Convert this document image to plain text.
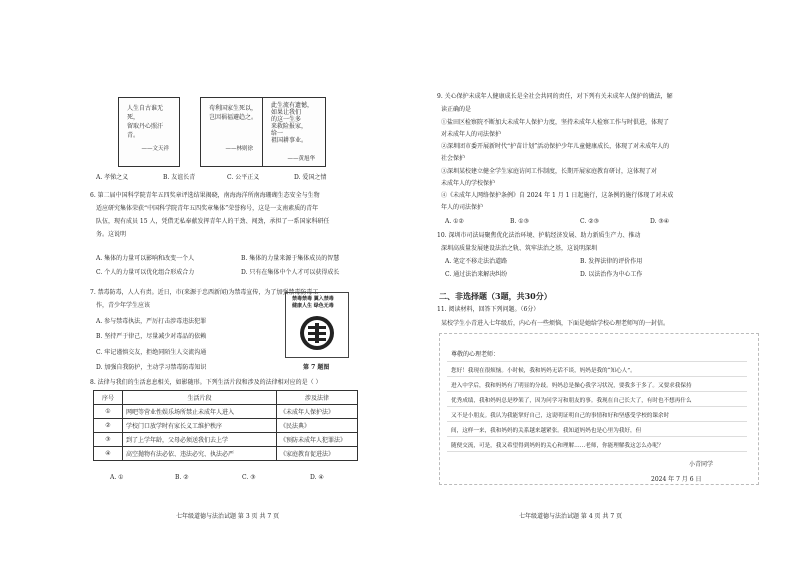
人生自古谁无死，
留取丹心照汗青。
——文天祥
苟利国家生死以，
岂因祸福避趋之。
——林则徐
此生流有遗憾，
如果让我们
的这一生多
来救险报家，
给一
祖国耕事业。
——黄旭华
A. 孝悌之义	B. 友谊长青	C. 公平正义	D. 爱国之情
6. 第二届中国科学院青年五四奖章评选结果揭晓，南海海洋所南海珊瑚生态安全与生物
适应研究集体荣获“中国科学院青年五四奖章集体”荣誉称号，这是一支南素质的青年
队伍，现有成员 15 人，凭借无私奉献发挥青年人的干劲、闯劲，承担了一系国家科研任
务。这说明
A. 集体的力量可以影响和改变一个人	B. 集体的力量来源于集体成员的智慧
C. 个人的力量可以优化组合形成合力	D. 只有在集体中个人才可以获得成长
7. 禁毒防毒，人人有责。近日，市(来源于忠西新闻)为禁毒宣传，为了加强禁毒防毒工
作，青少年学生应该
A. 参与禁毒执法，严厉打击涉毒违法犯罪
B. 坚持严于律己，尽量减少对毒品的依赖
C. 牢记谨慎交友，拒绝同陌生人交流沟通
D. 加强自我防护，主动学习禁毒防毒知识
禁毒禁毒 翼入禁毒
健康人生 绿色无毒
第 7 题图
8. 法律与我们的生活息息相关，如影随形。下列生活片段和涉及的法律相对应的是（ ）
序号	生活片段	涉及法律
①	网吧等营业性娱乐场所禁止未成年人进入	《未成年人保护法》
②	学校门口放学时有家长义工维护秩序	《民法典》
③	到了上学年龄，父母必须送我们去上学	《预防未成年人犯罪法》
④	高空抛物有法必依、违法必究、执法必严	《家庭教育促进法》
A. ①	B. ②	C. ③	D. ④
七年级道德与法治试题 第 3 页 共 7 页
9. 关心保护未成年人健康成长是全社会共同的责任，对下列有关未成年人保护的做法，解
读正确的是
①盐田区检察院不断加大未成年人保护力度，坚持未成年人检察工作与时俱进，体现了
对未成年人的司法保护
②深圳团市委开展新时代“护苗计划”活动保护少年儿童健康成长，体现了对未成年人的
社会保护
③深圳某校建立健全学生家庭访问工作制度，长期开展家庭教育研讨，这体现了对
未成年人的学校保护
④《未成年人网络保护条例》自 2024 年 1 月 1 日起施行，这条例的施行体现了对未成
年人的司法保护
A. ①②	B. ①③	C. ②③	D. ③④
10. 深圳市司法局聚焦优化法治环境、护航经济发展、助力新质生产力、推动
深圳高质量发展建设法治之轨、筑牢法治之基，这说明深圳
A. 笔定不移走法治道路	B. 发挥法律的评价作用
C. 通过法治来解决纠纷	D. 以法治作为中心工作
二、非选择题（3题，共30分）
11. 阅读材料，回答下列问题。（6分）
某校学生小青进入七年级后，内心有一些烦恼，下面是她给学校心理老师写的一封信。
尊敬的心理老师：
您好！我现在很烦恼。小时候，我和妈妈无话不谈，妈妈是我的“知心人”。
进入中学后，我和妈妈有了明显的分歧。妈妈总是操心我学习状况，要我多于多了。又要求我保持
优秀成绩，我和妈妈总是吵架了，因为问学习和朋友的事。我现在自己长大了，有时也不想再什么
又不是小朋友。我认为我能掌好自己，这说明证明自己的事情和好和坚感受学校的课余时
间，这样一来，我和妈妈的关系越来越紧张。我知道妈妈也是心里为我好，但
随便交流，可是，我又希望得到妈妈的关心和理解……老师，你能理解我这怎么办呢？
小青同学
2024 年 7 月 6 日
七年级道德与法治试题 第 4 页 共 7 页
